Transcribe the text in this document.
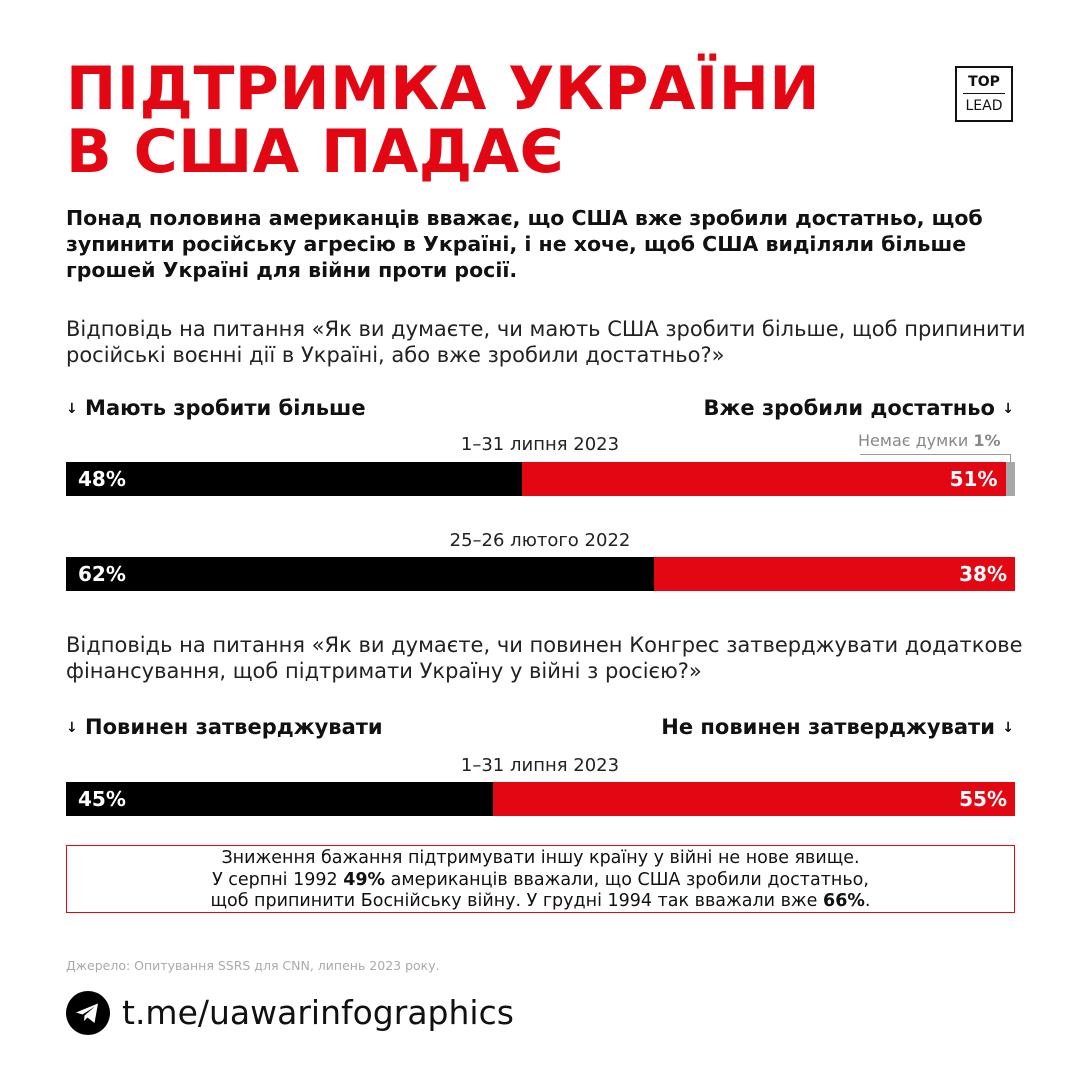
ПІДТРИМКА УКРАЇНИ
В США ПАДАЄ
TOP
LEAD

Понад половина американців вважає, що США вже зробили достатньо, щоб зупинити російську агресію в Україні, і не хоче, щоб США виділяли більше грошей Україні для війни проти росії.

Відповідь на питання «Як ви думаєте, чи мають США зробити більше, щоб припинити російські воєнні дії в Україні, або вже зробили достатньо?»

↓ Мають зробити більше	Вже зробили достатньо ↓
1–31 липня 2023	Немає думки 1%
48%	51%
25–26 лютого 2022
62%	38%

Відповідь на питання «Як ви думаєте, чи повинен Конгрес затверджувати додаткове фінансування, щоб підтримати Україну у війні з росією?»

↓ Повинен затверджувати	Не повинен затверджувати ↓
1–31 липня 2023
45%	55%
Зниження бажання підтримувати іншу країну у війні не нове явище.
У серпні 1992 49% американців вважали, що США зробили достатньо,
щоб припинити Боснійську війну. У грудні 1994 так вважали вже 66%.
Джерело: Опитування SSRS для CNN, липень 2023 року.
t.me/uawarinfographics
